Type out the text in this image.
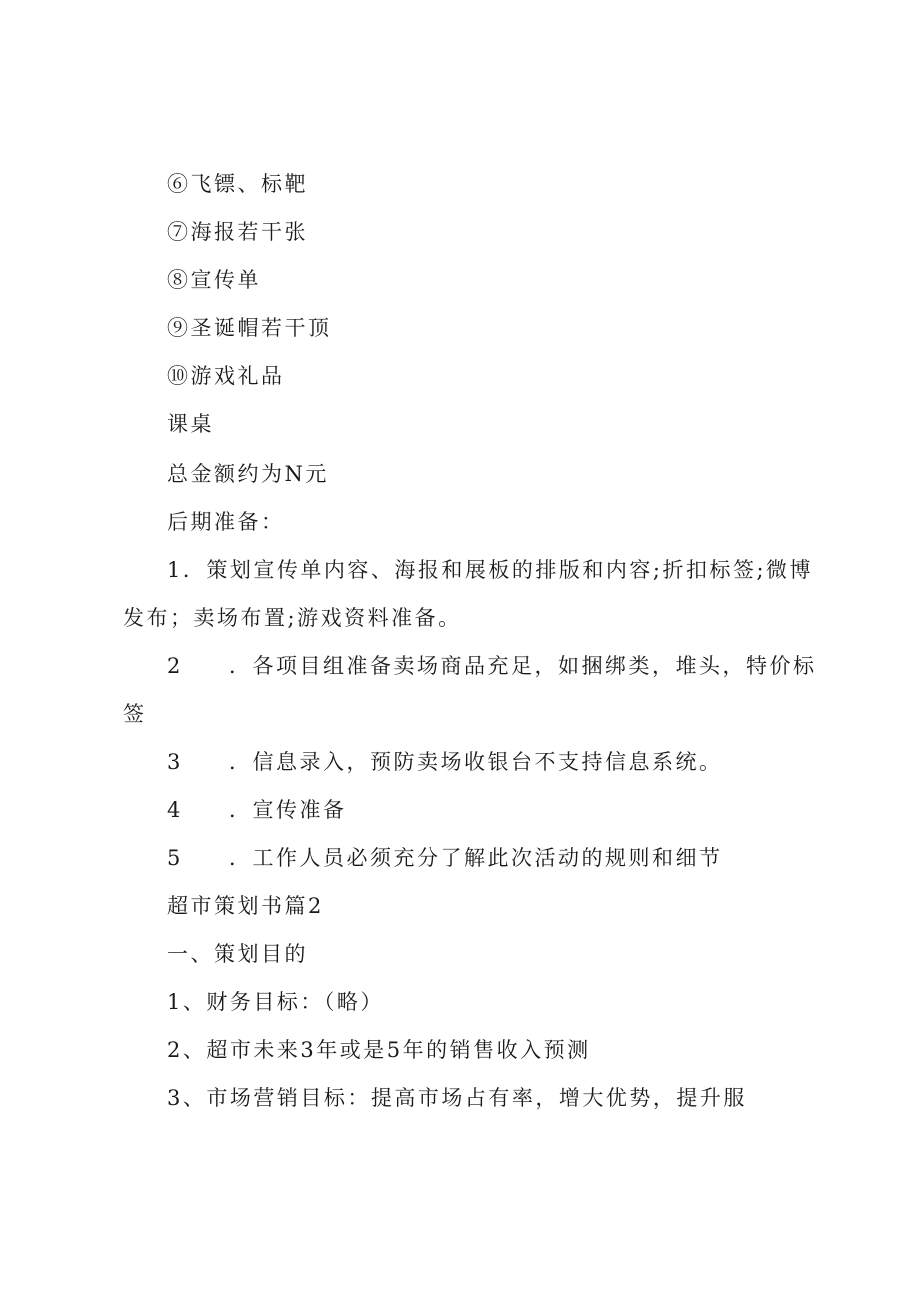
⑥飞镖、标靶
⑦海报若干张
⑧宣传单
⑨圣诞帽若干顶
⑩游戏礼品
课桌
总金额约为N元
后期准备：
1．策划宣传单内容、海报和展板的排版和内容;折扣标签;微博
发布；卖场布置;游戏资料准备。
2 ．各项目组准备卖场商品充足，如捆绑类，堆头，特价标
签
3 ．信息录入，预防卖场收银台不支持信息系统。
4 ．宣传准备
5 ．工作人员必须充分了解此次活动的规则和细节
超市策划书篇2
一、策划目的
1、财务目标：（略）
2、超市未来3年或是5年的销售收入预测
3、市场营销目标：提高市场占有率，增大优势，提升服
